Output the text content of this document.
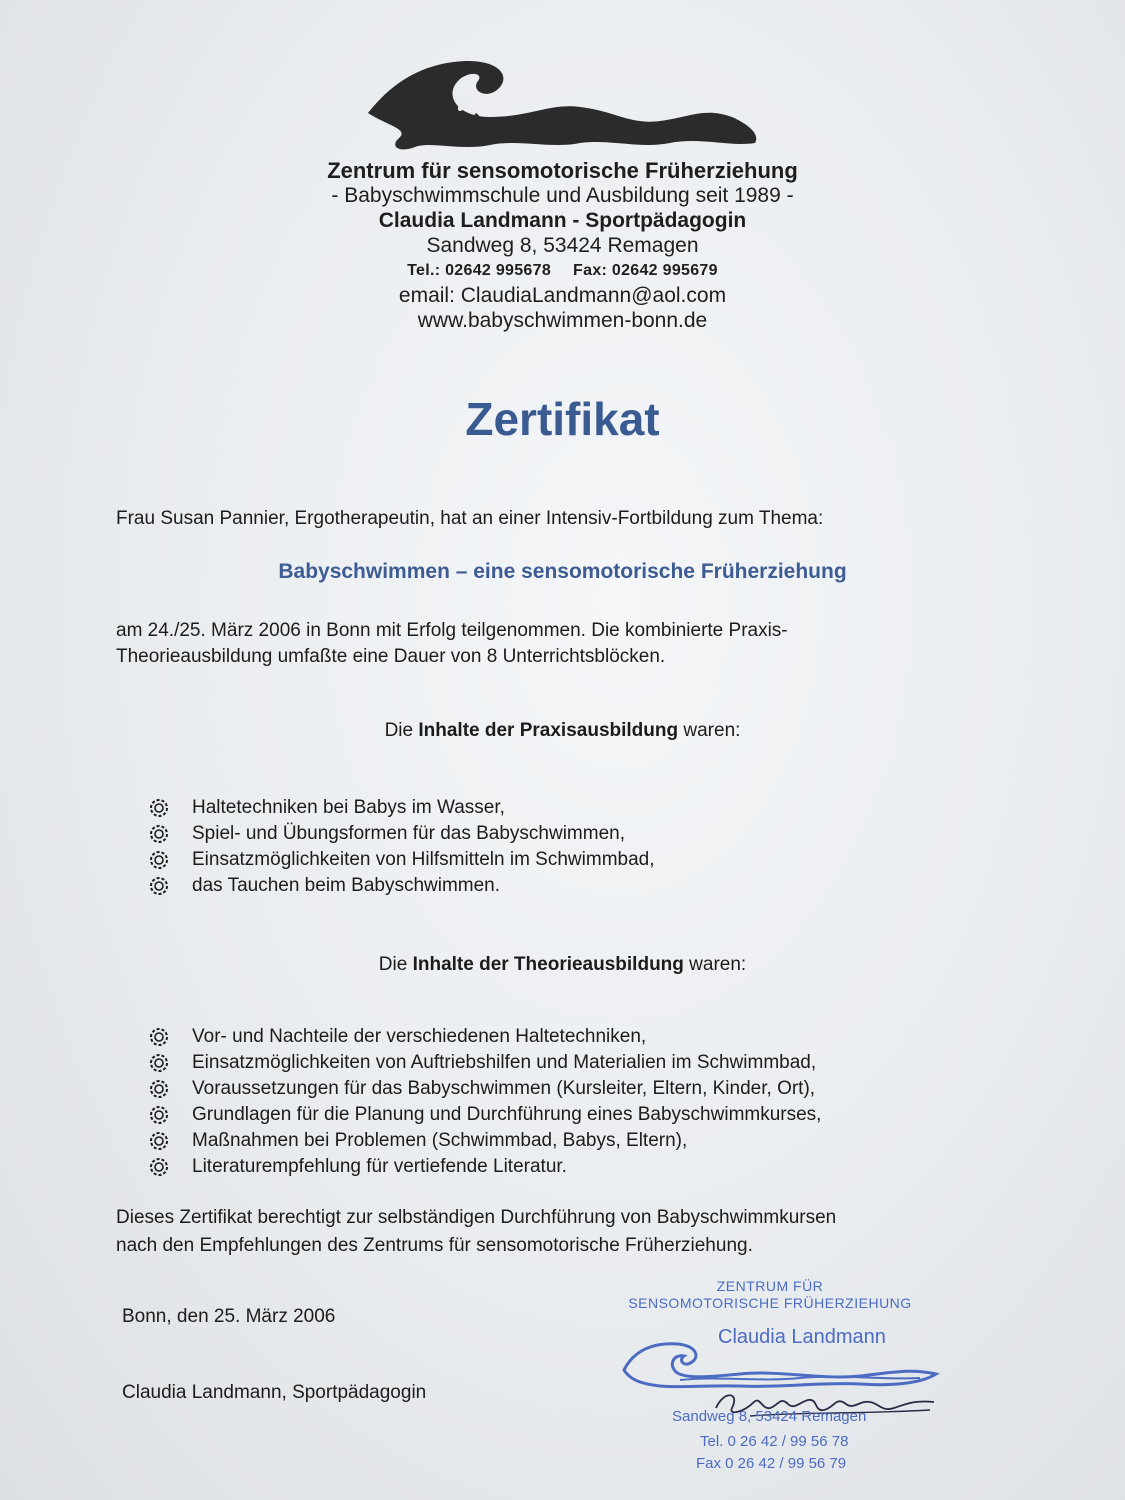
Zentrum für sensomotorische Früherziehung
- Babyschwimmschule und Ausbildung seit 1989 -
Claudia Landmann - Sportpädagogin
Sandweg 8, 53424 Remagen
Tel.: 02642 995678 Fax: 02642 995679
email: ClaudiaLandmann@aol.com
www.babyschwimmen-bonn.de
Zertifikat
Frau Susan Pannier, Ergotherapeutin, hat an einer Intensiv-Fortbildung zum Thema:
Babyschwimmen – eine sensomotorische Früherziehung
am 24./25. März 2006 in Bonn mit Erfolg teilgenommen. Die kombinierte Praxis-
Theorieausbildung umfaßte eine Dauer von 8 Unterrichtsblöcken.
Die Inhalte der Praxisausbildung waren:
Haltetechniken bei Babys im Wasser,
Spiel- und Übungsformen für das Babyschwimmen,
Einsatzmöglichkeiten von Hilfsmitteln im Schwimmbad,
das Tauchen beim Babyschwimmen.
Die Inhalte der Theorieausbildung waren:
Vor- und Nachteile der verschiedenen Haltetechniken,
Einsatzmöglichkeiten von Auftriebshilfen und Materialien im Schwimmbad,
Voraussetzungen für das Babyschwimmen (Kursleiter, Eltern, Kinder, Ort),
Grundlagen für die Planung und Durchführung eines Babyschwimmkurses,
Maßnahmen bei Problemen (Schwimmbad, Babys, Eltern),
Literaturempfehlung für vertiefende Literatur.
Dieses Zertifikat berechtigt zur selbständigen Durchführung von Babyschwimmkursen
nach den Empfehlungen des Zentrums für sensomotorische Früherziehung.
Bonn, den 25. März 2006
Claudia Landmann, Sportpädagogin
ZENTRUM FÜR
SENSOMOTORISCHE FRÜHERZIEHUNG
Claudia Landmann
Sandweg 8, 53424 Remagen
Tel. 0 26 42 / 99 56 78
Fax 0 26 42 / 99 56 79
